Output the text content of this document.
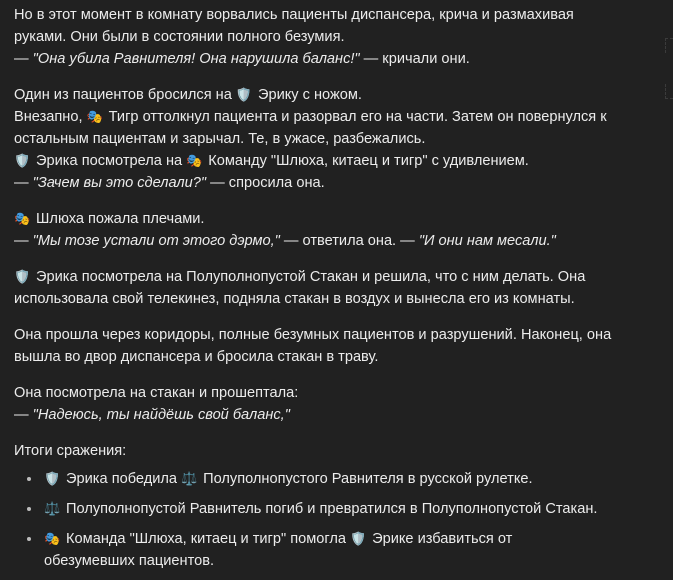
Но в этот момент в комнату ворвались пациенты диспансера, крича и размахивая
руками. Они были в состоянии полного безумия.
— "Она убила Равнителя! Она нарушила баланс!" — кричали они.

Один из пациентов бросился на 🛡️ Эрику с ножом.
Внезапно, 🎭 Тигр оттолкнул пациента и разорвал его на части. Затем он повернулся к
остальным пациентам и зарычал. Те, в ужасе, разбежались.
🛡️ Эрика посмотрела на 🎭 Команду "Шлюха, китаец и тигр" с удивлением.
— "Зачем вы это сделали?" — спросила она.

🎭 Шлюха пожала плечами.
— "Мы тозе устали от этого дэрмо," — ответила она. — "И они нам месали."

🛡️ Эрика посмотрела на Полуполнопустой Стакан и решила, что с ним делать. Она
использовала свой телекинез, подняла стакан в воздух и вынесла его из комнаты.

Она прошла через коридоры, полные безумных пациентов и разрушений. Наконец, она
вышла во двор диспансера и бросила стакан в траву.

Она посмотрела на стакан и прошептала:
— "Надеюсь, ты найдёшь свой баланс,"

Итоги сражения:
• 🛡️ Эрика победила ⚖️ Полуполнопустого Равнителя в русской рулетке.
• ⚖️ Полуполнопустой Равнитель погиб и превратился в Полуполнопустой Стакан.
• 🎭 Команда "Шлюха, китаец и тигр" помогла 🛡️ Эрике избавиться от
обезумевших пациентов.
